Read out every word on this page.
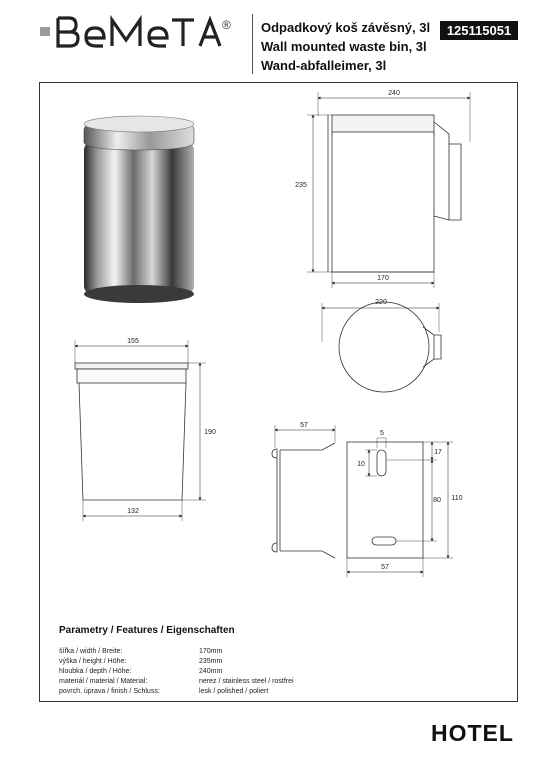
® Odpadkový koš závěsný, 3l
Wall mounted waste bin, 3l
Wand-abfalleimer, 3l
125115051
240
235
170
220
155
190
132
57
5
10
17
80 110
57
Parametry / Features / Eigenschaften
šířka / width / Breite:	170mm
výška / height / Höhe:	235mm
hloubka / depth / Höhe:	240mm
materiál / material / Material:	nerez / stainless steel / rostfrei
povrch. úprava / finish / Schluss:	lesk / polished / poliert
HOTEL
